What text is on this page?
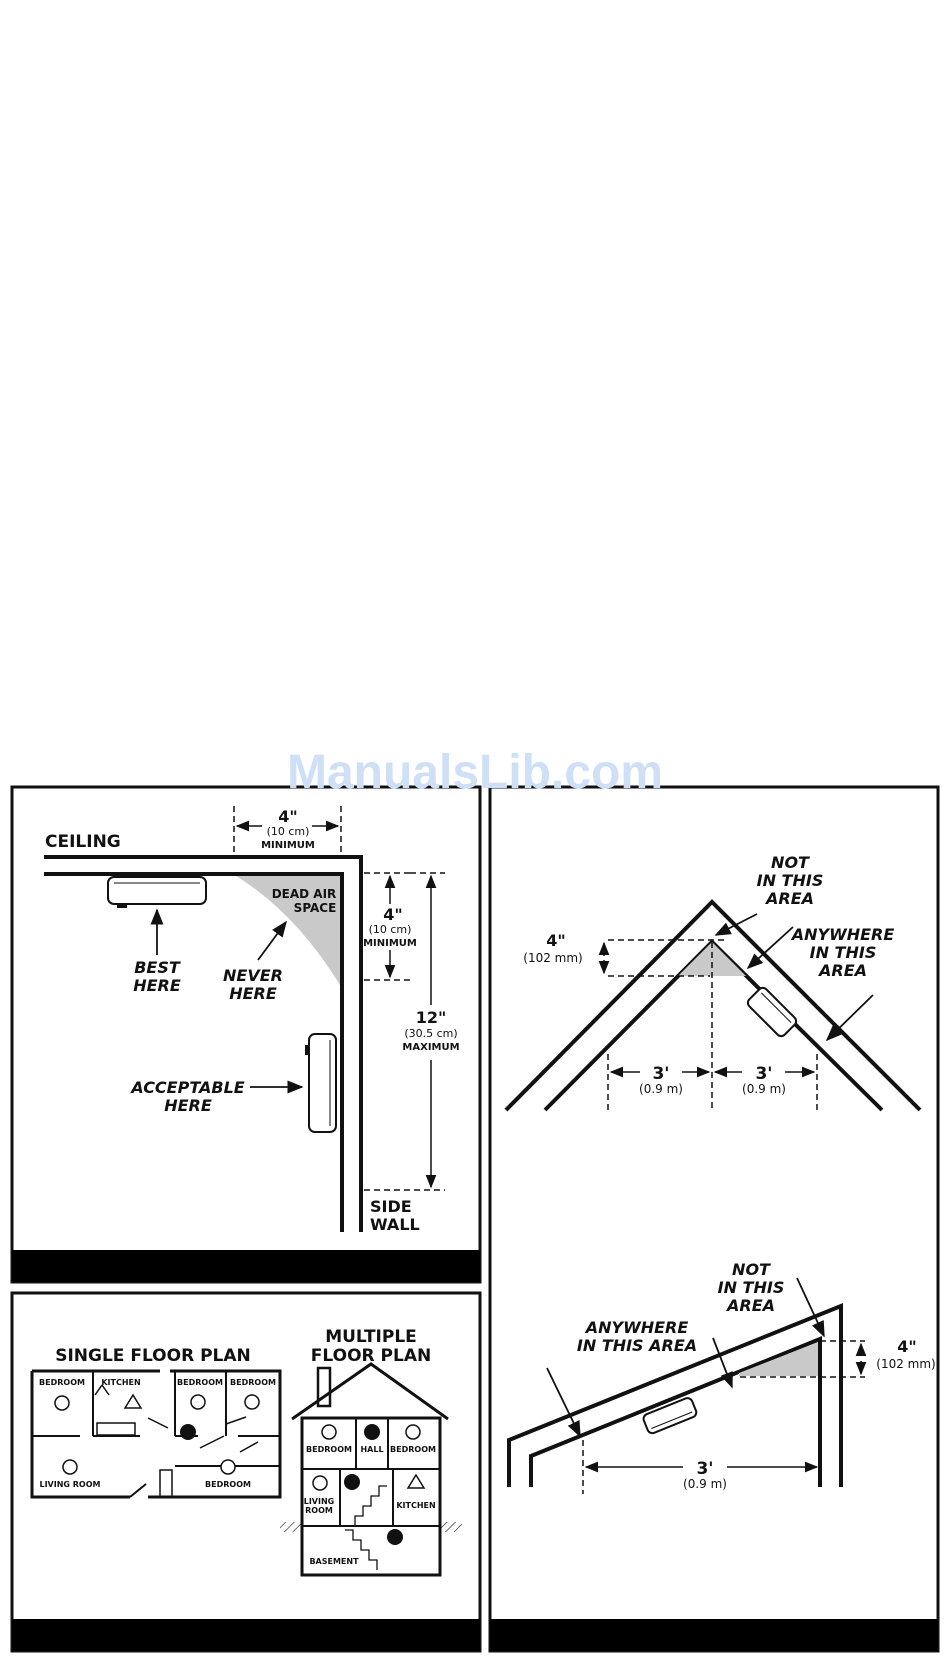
CEILING
DEAD AIR
SPACE
4"
(10 cm)
MINIMUM
BEST
HERE
NEVER
HERE
4"
(10 cm)
MINIMUM
12"
(30.5 cm)
MAXIMUM
ACCEPTABLE
HERE
SIDE
WALL
SINGLE FLOOR PLAN
MULTIPLE
FLOOR PLAN
BEDROOM KITCHEN	BEDROOM BEDROOM
LIVING ROOM	BEDROOM
BEDROOM HALL BEDROOM
LIVING
ROOM
KITCHEN
BASEMENT
4"
(102 mm)
3'
(0.9 m)
3'
(0.9 m)
NOT
IN THIS
AREA
ANYWHERE
IN THIS
AREA
4"
(102 mm)
3'
(0.9 m)
NOT
IN THIS
AREA
ANYWHERE
IN THIS AREA
ManualsLib.com
